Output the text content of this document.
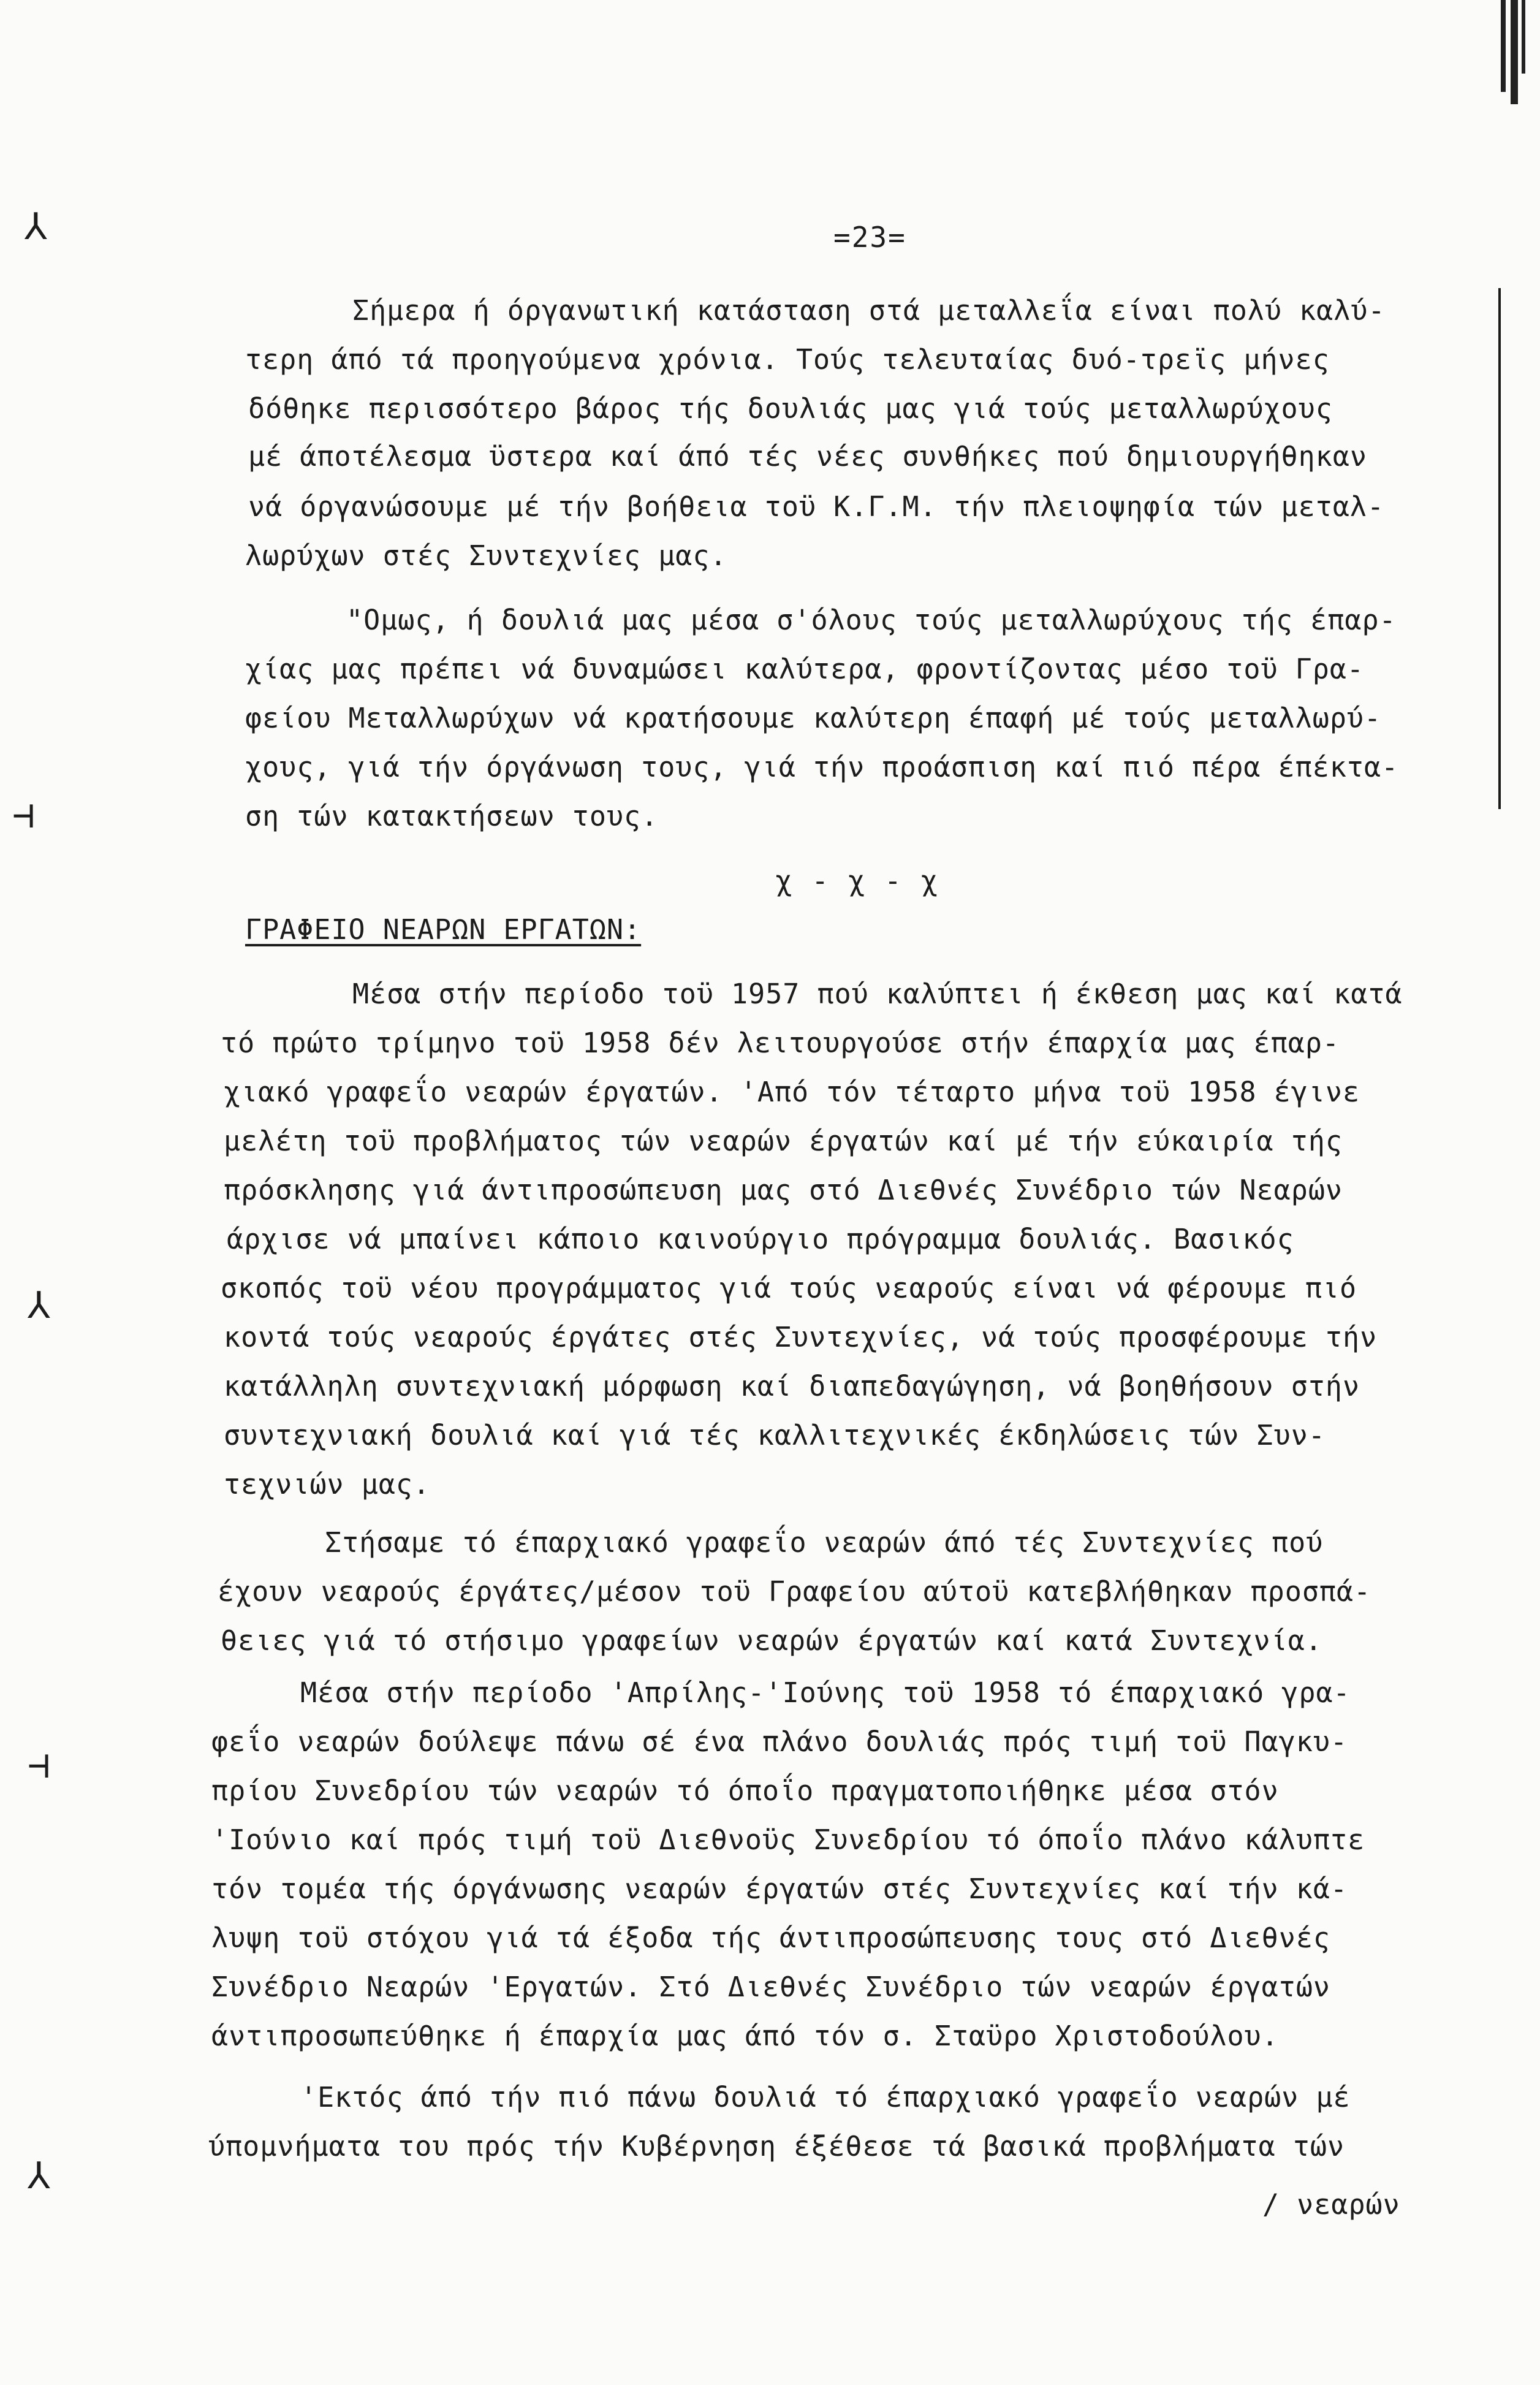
⅄
⊣
⅄
⊣
⅄
=23=
Σήμερα ή όργανωτική κατάσταση στά μεταλλεΐα είναι πολύ καλύ-
τερη άπό τά προηγούμενα χρόνια. Τούς τελευταίας δυό-τρεϊς μήνες
δόθηκε περισσότερο βάρος τής δουλιάς μας γιά τούς μεταλλωρύχους
μέ άποτέλεσμα ϋστερα καί άπό τές νέες συνθήκες πού δημιουργήθηκαν
νά όργανώσουμε μέ τήν βοήθεια τοϋ Κ.Γ.Μ. τήν πλειοψηφία τών μεταλ-
λωρύχων στές Συντεχνίες μας.
"Ομως, ή δουλιά μας μέσα σ'όλους τούς μεταλλωρύχους τής έπαρ-
χίας μας πρέπει νά δυναμώσει καλύτερα, φροντίζοντας μέσο τοϋ Γρα-
φείου Μεταλλωρύχων νά κρατήσουμε καλύτερη έπαφή μέ τούς μεταλλωρύ-
χους, γιά τήν όργάνωση τους, γιά τήν προάσπιση καί πιό πέρα έπέκτα-
ση τών κατακτήσεων τους.
χ - χ - χ
ΓΡΑΦΕΙΟ ΝΕΑΡΩΝ ΕΡΓΑΤΩΝ:
Μέσα στήν περίοδο τοϋ 1957 πού καλύπτει ή έκθεση μας καί κατά
τό πρώτο τρίμηνο τοϋ 1958 δέν λειτουργούσε στήν έπαρχία μας έπαρ-
χιακό γραφεΐο νεαρών έργατών. 'Από τόν τέταρτο μήνα τοϋ 1958 έγινε
μελέτη τοϋ προβλήματος τών νεαρών έργατών καί μέ τήν εύκαιρία τής
πρόσκλησης γιά άντιπροσώπευση μας στό Διεθνές Συνέδριο τών Νεαρών
άρχισε νά μπαίνει κάποιο καινούργιο πρόγραμμα δουλιάς. Βασικός
σκοπός τοϋ νέου προγράμματος γιά τούς νεαρούς είναι νά φέρουμε πιό
κοντά τούς νεαρούς έργάτες στές Συντεχνίες, νά τούς προσφέρουμε τήν
κατάλληλη συντεχνιακή μόρφωση καί διαπεδαγώγηση, νά βοηθήσουν στήν
συντεχνιακή δουλιά καί γιά τές καλλιτεχνικές έκδηλώσεις τών Συν-
τεχνιών μας.
Στήσαμε τό έπαρχιακό γραφεΐο νεαρών άπό τές Συντεχνίες πού
έχουν νεαρούς έργάτες/μέσον τοϋ Γραφείου αύτοϋ κατεβλήθηκαν προσπά-
θειες γιά τό στήσιμο γραφείων νεαρών έργατών καί κατά Συντεχνία.
Μέσα στήν περίοδο 'Απρίλης-'Ιούνης τοϋ 1958 τό έπαρχιακό γρα-
φεΐο νεαρών δούλεψε πάνω σέ ένα πλάνο δουλιάς πρός τιμή τοϋ Παγκυ-
πρίου Συνεδρίου τών νεαρών τό όποΐο πραγματοποιήθηκε μέσα στόν
'Ιούνιο καί πρός τιμή τοϋ Διεθνοϋς Συνεδρίου τό όποΐο πλάνο κάλυπτε
τόν τομέα τής όργάνωσης νεαρών έργατών στές Συντεχνίες καί τήν κά-
λυψη τοϋ στόχου γιά τά έξοδα τής άντιπροσώπευσης τους στό Διεθνές
Συνέδριο Νεαρών 'Εργατών. Στό Διεθνές Συνέδριο τών νεαρών έργατών
άντιπροσωπεύθηκε ή έπαρχία μας άπό τόν σ. Σταϋρο Χριστοδούλου.
'Εκτός άπό τήν πιό πάνω δουλιά τό έπαρχιακό γραφεΐο νεαρών μέ
ύπομνήματα του πρός τήν Κυβέρνηση έξέθεσε τά βασικά προβλήματα τών
/ νεαρών
